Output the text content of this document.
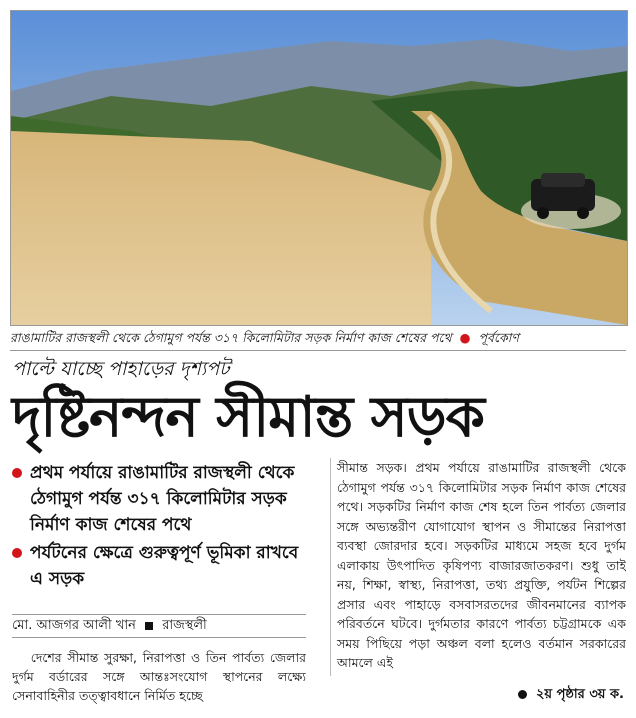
রাঙামাটির রাজস্থলী থেকে ঠেগামুগ পর্যন্ত ৩১৭ কিলোমিটার সড়ক নির্মাণ কাজ শেষের পথে ● পূর্বকোণ
পাল্টে যাচ্ছে পাহাড়ের দৃশ্যপট
দৃষ্টিনন্দন সীমান্ত সড়ক
প্রথম পর্যায়ে রাঙামাটির রাজস্থলী থেকে ঠেগামুগ পর্যন্ত ৩১৭ কিলোমিটার সড়ক নির্মাণ কাজ শেষের পথে
পর্যটনের ক্ষেত্রে গুরুত্বপূর্ণ ভূমিকা রাখবে এ সড়ক
মো. আজগর আলী খান রাজস্থলী
দেশের সীমান্ত সুরক্ষা, নিরাপত্তা ও তিন পার্বত্য জেলার দুর্গম বর্ডারের সঙ্গে আন্তঃসংযোগ স্থাপনের লক্ষ্যে সেনাবাহিনীর তত্ত্বাবধানে নির্মিত হচ্ছে
সীমান্ত সড়ক। প্রথম পর্যায়ে রাঙামাটির রাজস্থলী থেকে ঠেগামুগ পর্যন্ত ৩১৭ কিলোমিটার সড়ক নির্মাণ কাজ শেষের পথে। সড়কটির নির্মাণ কাজ শেষ হলে তিন পার্বত্য জেলার সঙ্গে অভ্যন্তরীণ যোগাযোগ স্থাপন ও সীমান্তের নিরাপত্তা ব্যবস্থা জোরদার হবে। সড়কটির মাধ্যমে সহজ হবে দুর্গম এলাকায় উৎপাদিত কৃষিপণ্য বাজারজাতকরণ। শুধু তাই নয়, শিক্ষা, স্বাস্থ্য, নিরাপত্তা, তথ্য প্রযুক্তি, পর্যটন শিল্পের প্রসার এবং পাহাড়ে বসবাসরতদের জীবনমানের ব্যাপক পরিবর্তনে ঘটবে। দুর্গমতার কারণে পার্বত্য চট্টগ্রামকে এক সময় পিছিয়ে পড়া অঞ্চল বলা হলেও বর্তমান সরকারের আমলে এই
২য় পৃষ্ঠার ৩য় ক.
